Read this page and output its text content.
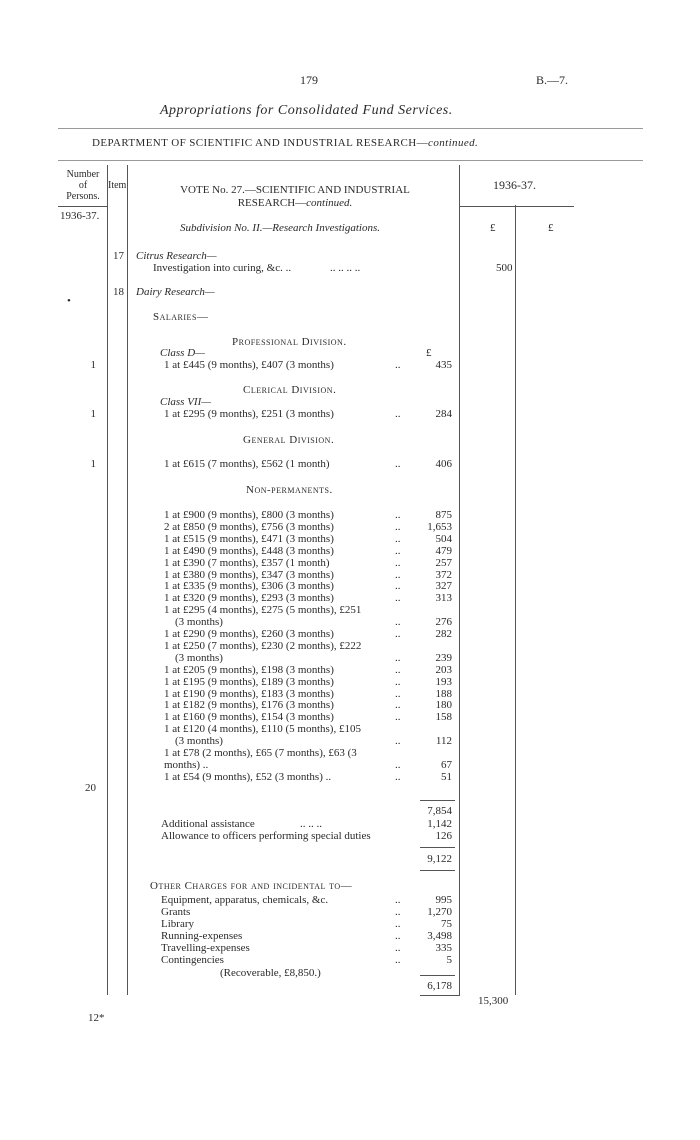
179	B.—7.
Appropriations for Consolidated Fund Services.
DEPARTMENT OF SCIENTIFIC AND INDUSTRIAL RESEARCH—continued.
Number
of
Persons.
Item	VOTE No. 27.—SCIENTIFIC AND INDUSTRIAL
RESEARCH—continued.
1936-37.
1936-37.
Subdivision No. II.—Research Investigations.	£	£
17 Citrus Research—
Investigation into curing, &c. ..	.. .. .. ..	500
18 Dairy Research—
•
Salaries—
Professional Division.
£
Class D—
1	1 at £445 (9 months), £407 (3 months)	..	435
Clerical Division.
Class VII—
1	1 at £295 (9 months), £251 (3 months)	..	284
General Division.
1	1 at £615 (7 months), £562 (1 month)	..	406
Non-permanents.
1 at £900 (9 months), £800 (3 months)	..	875
2 at £850 (9 months), £756 (3 months)	..	1,653
1 at £515 (9 months), £471 (3 months)	..	504
1 at £490 (9 months), £448 (3 months)	..	479
1 at £390 (7 months), £357 (1 month)	..	257
1 at £380 (9 months), £347 (3 months)	..	372
1 at £335 (9 months), £306 (3 months)	..	327
1 at £320 (9 months), £293 (3 months)	..	313
1 at £295 (4 months), £275 (5 months), £251
(3 months)	..	276
1 at £290 (9 months), £260 (3 months)	..	282
1 at £250 (7 months), £230 (2 months), £222
(3 months)	..	239
1 at £205 (9 months), £198 (3 months)	..	203
1 at £195 (9 months), £189 (3 months)	..	193
1 at £190 (9 months), £183 (3 months)	..	188
1 at £182 (9 months), £176 (3 months)	..	180
1 at £160 (9 months), £154 (3 months)	..	158
1 at £120 (4 months), £110 (5 months), £105
(3 months)	..	112
1 at £78 (2 months), £65 (7 months), £63 (3
months) ..	..	67
1 at £54 (9 months), £52 (3 months) ..	..	51
20
7,854
Additional assistance	.. .. ..	1,142
Allowance to officers performing special duties	126
9,122
Other Charges for and incidental to—
Equipment, apparatus, chemicals, &c.	..	995
Grants	..	1,270
Library	..	75
Running-expenses	..	3,498
Travelling-expenses	..	335
Contingencies	..	5
(Recoverable, £8,850.)
6,178
15,300
12*
